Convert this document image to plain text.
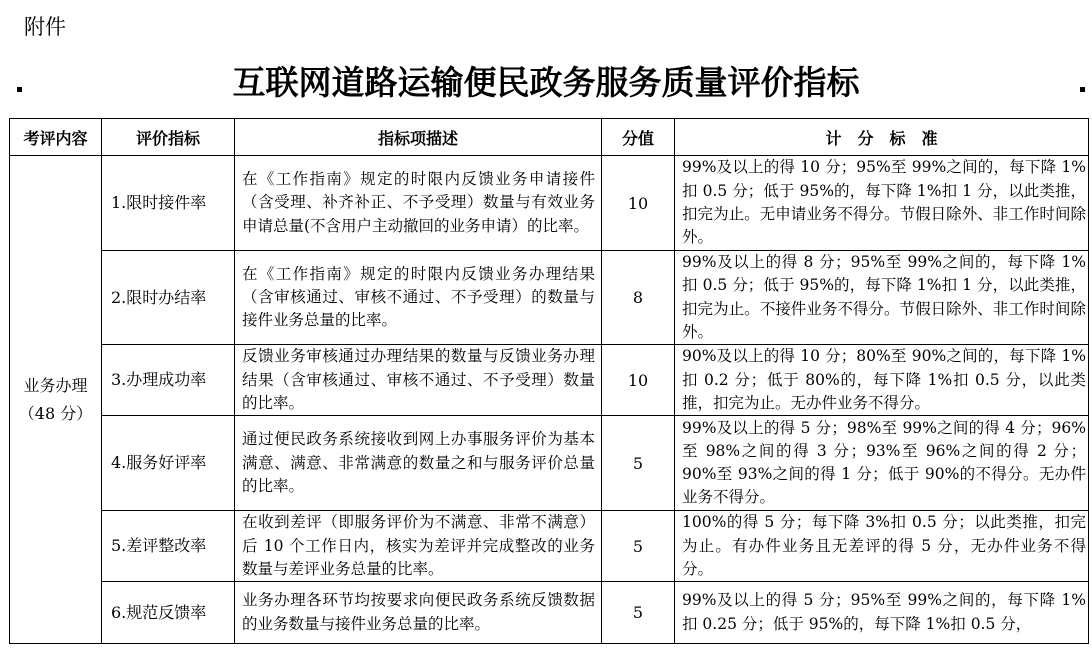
附件
互联网道路运输便民政务服务质量评价指标
考评内容	评价指标	指标项描述	分值	计　分　标　准

业务办理
（48 分）	1.限时接件率	在《工作指南》规定的时限内反馈业务申请接件（含受理、补齐补正、不予受理）数量与有效业务申请总量(不含用户主动撤回的业务申请）的比率。	10	99%及以上的得 10 分；95%至 99%之间的，每下降 1%扣 0.5 分；低于 95%的，每下降 1%扣 1 分，以此类推，扣完为止。无申请业务不得分。节假日除外、非工作时间除外。
	2.限时办结率	在《工作指南》规定的时限内反馈业务办理结果（含审核通过、审核不通过、不予受理）的数量与接件业务总量的比率。	8	99%及以上的得 8 分；95%至 99%之间的，每下降 1%扣 0.5 分；低于 95%的，每下降 1%扣 1 分，以此类推，扣完为止。不接件业务不得分。节假日除外、非工作时间除外。
	3.办理成功率	反馈业务审核通过办理结果的数量与反馈业务办理结果（含审核通过、审核不通过、不予受理）数量的比率。	10	90%及以上的得 10 分；80%至 90%之间的，每下降 1%扣 0.2 分；低于 80%的，每下降 1%扣 0.5 分，以此类推，扣完为止。无办件业务不得分。
	4.服务好评率	通过便民政务系统接收到网上办事服务评价为基本满意、满意、非常满意的数量之和与服务评价总量的比率。	5	99%及以上的得 5 分；98%至 99%之间的得 4 分；96%至 98%之间的得 3 分；93%至 96%之间的得 2 分；90%至 93%之间的得 1 分；低于 90%的不得分。无办件业务不得分。
	5.差评整改率	在收到差评（即服务评价为不满意、非常不满意）后 10 个工作日内，核实为差评并完成整改的业务数量与差评业务总量的比率。	5	100%的得 5 分；每下降 3%扣 0.5 分；以此类推，扣完为止。有办件业务且无差评的得 5 分，无办件业务不得分。
	6.规范反馈率	业务办理各环节均按要求向便民政务系统反馈数据的业务数量与接件业务总量的比率。	5	99%及以上的得 5 分；95%至 99%之间的，每下降 1%扣 0.25 分；低于 95%的，每下降 1%扣 0.5 分，
